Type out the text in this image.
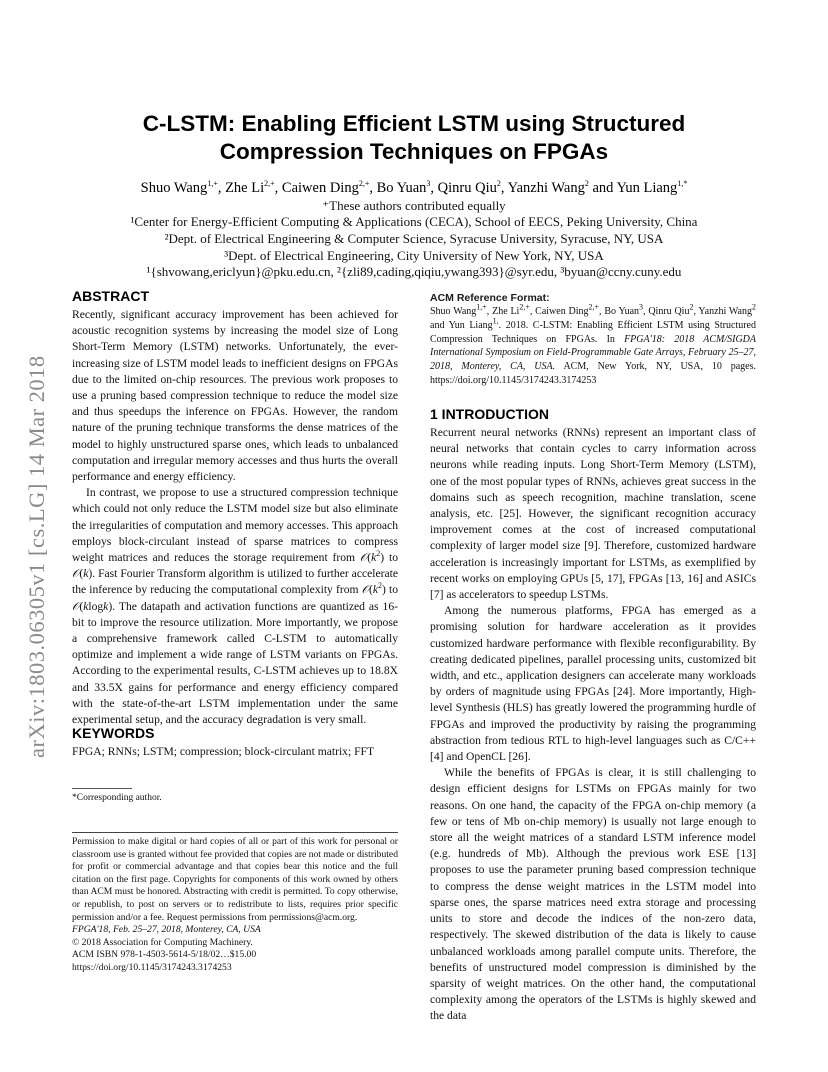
arXiv:1803.06305v1 [cs.LG] 14 Mar 2018
C-LSTM: Enabling Efficient LSTM using Structured Compression Techniques on FPGAs
Shuo Wang$^{1,+}$, Zhe $Li^{2,+}$, Caiwen Ding$^{2,+}$, Bo Yuan$^3$, Qinru Qiu$^2$, Yanzhi Wang$^2$ and Yun Liang$^{1,*}$
⁺These authors contributed equally
¹Center for Energy-Efficient Computing & Applications (CECA), School of EECS, Peking University, China
²Dept. of Electrical Engineering & Computer Science, Syracuse University, Syracuse, NY, USA
³Dept. of Electrical Engineering, City University of New York, NY, USA
¹{shvowang,ericlyun}@pku.edu.cn, ²{zli89,cading,qiqiu,ywang393}@syr.edu, ³byuan@ccny.cuny.edu
ABSTRACT

Recently, significant accuracy improvement has been achieved for acoustic recognition systems by increasing the model size of Long Short-Term Memory (LSTM) networks. Unfortunately, the ever-increasing size of LSTM model leads to inefficient designs on FPGAs due to the limited on-chip resources. The previous work proposes to use a pruning based compression technique to reduce the model size and thus speedups the inference on FPGAs. However, the random nature of the pruning technique transforms the dense matrices of the model to highly unstructured sparse ones, which leads to unbalanced computation and irregular memory accesses and thus hurts the overall performance and energy efficiency.

In contrast, we propose to use a structured compression technique which could not only reduce the LSTM model size but also eliminate the irregularities of computation and memory accesses. This approach employs block-circulant instead of sparse matrices to compress weight matrices and reduces the storage requirement from $𝒪(k^2)$ to 𝒪(k). Fast Fourier Transform algorithm is utilized to further accelerate the inference by reducing the computational complexity from $𝒪(k^2)$ to 𝒪(klogk). The datapath and activation functions are quantized as 16-bit to improve the resource utilization. More importantly, we propose a comprehensive framework called C-LSTM to automatically optimize and implement a wide range of LSTM variants on FPGAs. According to the experimental results, C-LSTM achieves up to 18.8X and 33.5X gains for performance and energy efficiency compared with the state-of-the-art LSTM implementation under the same experimental setup, and the accuracy degradation is very small.

KEYWORDS
FPGA; RNNs; LSTM; compression; block-circulant matrix; FFT
*Corresponding author.
Permission to make digital or hard copies of all or part of this work for personal or classroom use is granted without fee provided that copies are not made or distributed for profit or commercial advantage and that copies bear this notice and the full citation on the first page. Copyrights for components of this work owned by others than ACM must be honored. Abstracting with credit is permitted. To copy otherwise, or republish, to post on servers or to redistribute to lists, requires prior specific permission and/or a fee. Request permissions from permissions@acm.org.
FPGA'18, Feb. 25–27, 2018, Monterey, CA, USA
© 2018 Association for Computing Machinery.
ACM ISBN 978-1-4503-5614-5/18/02…$15.00
https://doi.org/10.1145/3174243.3174253
ACM Reference Format:
Shuo Wang$^{1,+}$, Zhe $Li^{2,+}$, Caiwen Ding$^{2,+}$, Bo Yuan$^3$, Qinru Qiu$^2$, Yanzhi Wang$^2$ and Yun Liang$^{1,}$. 2018. C-LSTM: Enabling Efficient LSTM using Structured Compression Techniques on FPGAs. In FPGA'18: 2018 ACM/SIGDA International Symposium on Field-Programmable Gate Arrays, February 25–27, 2018, Monterey, CA, USA. ACM, New York, NY, USA, 10 pages. https://doi.org/10.1145/3174243.3174253
1 INTRODUCTION

Recurrent neural networks (RNNs) represent an important class of neural networks that contain cycles to carry information across neurons while reading inputs. Long Short-Term Memory (LSTM), one of the most popular types of RNNs, achieves great success in the domains such as speech recognition, machine translation, scene analysis, etc. [25]. However, the significant recognition accuracy improvement comes at the cost of increased computational complexity of larger model size [9]. Therefore, customized hardware acceleration is increasingly important for LSTMs, as exemplified by recent works on employing GPUs [5, 17], FPGAs [13, 16] and ASICs [7] as accelerators to speedup LSTMs.

Among the numerous platforms, FPGA has emerged as a promising solution for hardware acceleration as it provides customized hardware performance with flexible reconfigurability. By creating dedicated pipelines, parallel processing units, customized bit width, and etc., application designers can accelerate many workloads by orders of magnitude using FPGAs [24]. More importantly, High-level Synthesis (HLS) has greatly lowered the programming hurdle of FPGAs and improved the productivity by raising the programming abstraction from tedious RTL to high-level languages such as C/C++ [4] and OpenCL [26].

While the benefits of FPGAs is clear, it is still challenging to design efficient designs for LSTMs on FPGAs mainly for two reasons. On one hand, the capacity of the FPGA on-chip memory (a few or tens of Mb on-chip memory) is usually not large enough to store all the weight matrices of a standard LSTM inference model (e.g. hundreds of Mb). Although the previous work ESE [13] proposes to use the parameter pruning based compression technique to compress the dense weight matrices in the LSTM model into sparse ones, the sparse matrices need extra storage and processing units to store and decode the indices of the non-zero data, respectively. The skewed distribution of the data is likely to cause unbalanced workloads among parallel compute units. Therefore, the benefits of unstructured model compression is diminished by the sparsity of weight matrices. On the other hand, the computational complexity among the operators of the LSTMs is highly skewed and the data
